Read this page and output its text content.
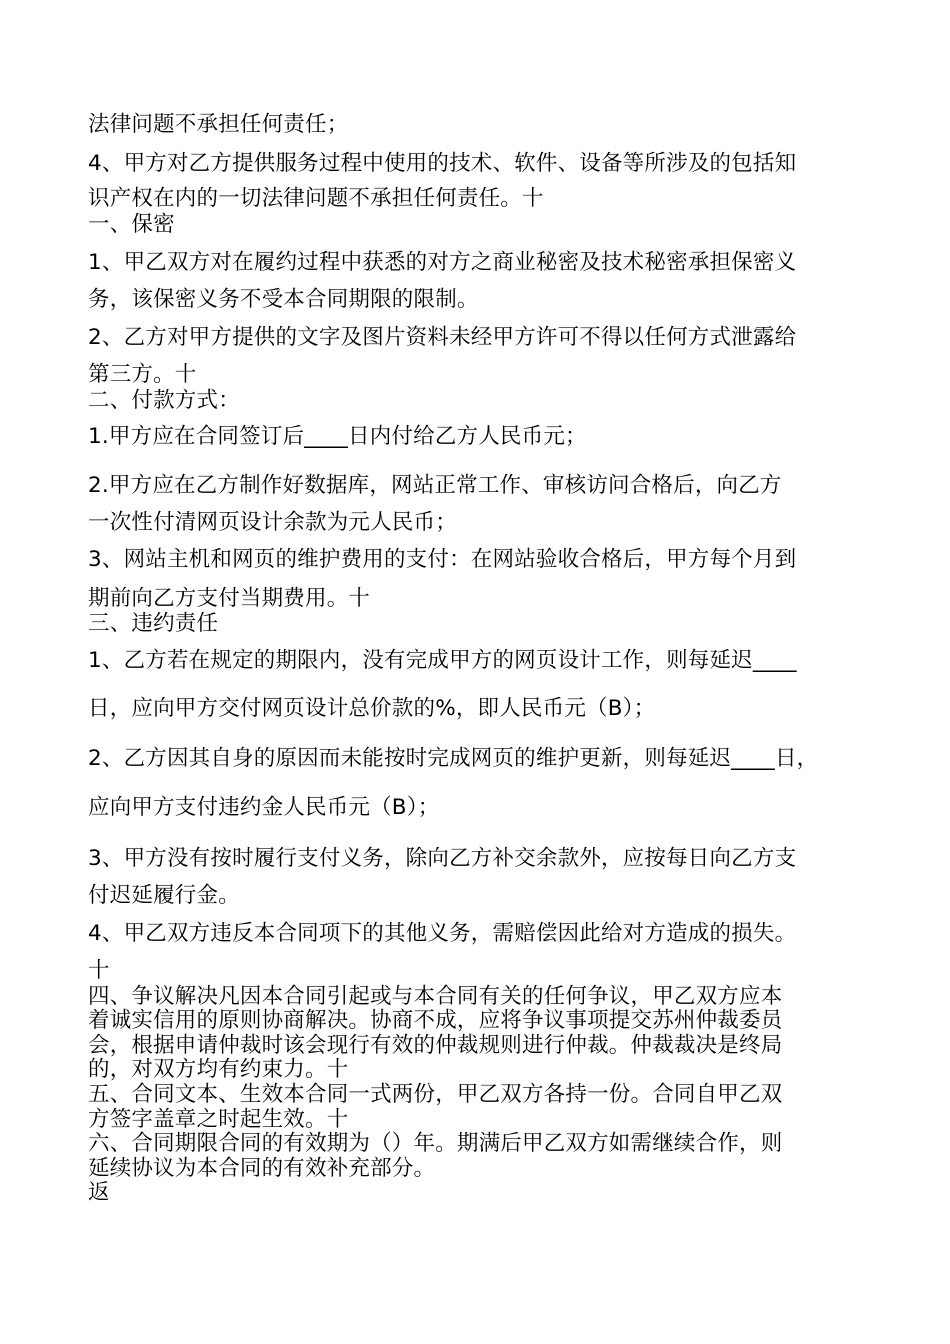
法律问题不承担任何责任；
4、甲方对乙方提供服务过程中使用的技术、软件、设备等所涉及的包括知
识产权在内的一切法律问题不承担任何责任。十
一、保密
1、甲乙双方对在履约过程中获悉的对方之商业秘密及技术秘密承担保密义
务，该保密义务不受本合同期限的限制。
2、乙方对甲方提供的文字及图片资料未经甲方许可不得以任何方式泄露给
第三方。十
二、付款方式：
1.甲方应在合同签订后____日内付给乙方人民币元；
2.甲方应在乙方制作好数据库，网站正常工作、审核访问合格后，向乙方
一次性付清网页设计余款为元人民币；
3、网站主机和网页的维护费用的支付：在网站验收合格后，甲方每个月到
期前向乙方支付当期费用。十
三、违约责任
1、乙方若在规定的期限内，没有完成甲方的网页设计工作，则每延迟____
日，应向甲方交付网页设计总价款的%，即人民币元（B）；
2、乙方因其自身的原因而未能按时完成网页的维护更新，则每延迟____日，
应向甲方支付违约金人民币元（B）；
3、甲方没有按时履行支付义务，除向乙方补交余款外，应按每日向乙方支
付迟延履行金。
4、甲乙双方违反本合同项下的其他义务，需赔偿因此给对方造成的损失。
十
四、争议解决凡因本合同引起或与本合同有关的任何争议，甲乙双方应本
着诚实信用的原则协商解决。协商不成，应将争议事项提交苏州仲裁委员
会，根据申请仲裁时该会现行有效的仲裁规则进行仲裁。仲裁裁决是终局
的，对双方均有约束力。十
五、合同文本、生效本合同一式两份，甲乙双方各持一份。合同自甲乙双
方签字盖章之时起生效。十
六、合同期限合同的有效期为（）年。期满后甲乙双方如需继续合作，则
延续协议为本合同的有效补充部分。
返
